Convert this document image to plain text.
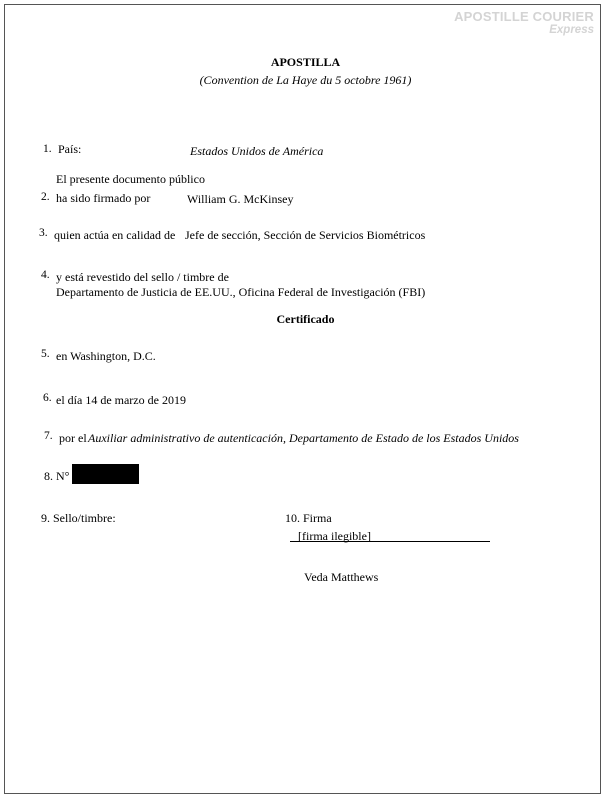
APOSTILLE COURIER
Express
APOSTILLA
(Convention de La Haye du 5 octobre 1961)
1. País:	Estados Unidos de América
El presente documento público
2. ha sido firmado por	William G. McKinsey
3. quien actúa en calidad de Jefe de sección, Sección de Servicios Biométricos
4. y está revestido del sello / timbre de
Departamento de Justicia de EE.UU., Oficina Federal de Investigación (FBI)
Certificado
5. en Washington, D.C.
6. el día 14 de marzo de 2019
7. por el Auxiliar administrativo de autenticación, Departamento de Estado de los Estados Unidos
8. N°
9. Sello/timbre:	10. Firma
[firma ilegible]
Veda Matthews
